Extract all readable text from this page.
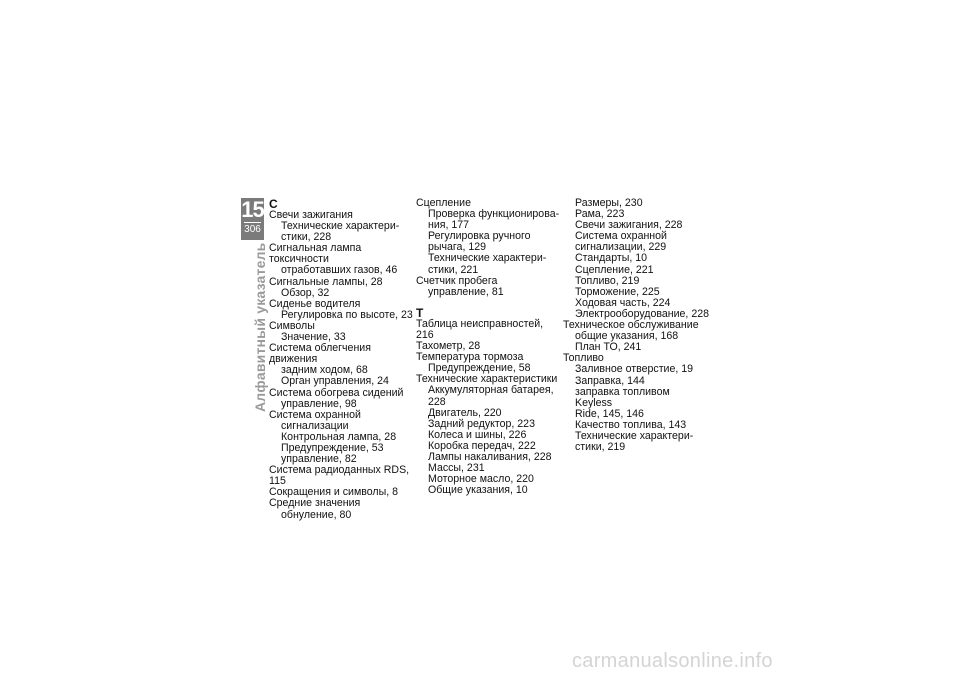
15
306
Алфавитный указатель
С
Свечи зажигания
Технические характери-
стики, 228
Сигнальная лампа токсичности
отработавших газов, 46
Сигнальные лампы, 28
Обзор, 32
Сиденье водителя
Регулировка по высоте, 23
Символы
Значение, 33
Система облегчения движения
задним ходом, 68
Орган управления, 24
Система обогрева сидений
управление, 98
Система охранной
сигнализации
Контрольная лампа, 28
Предупреждение, 53
управление, 82
Система радиоданных RDS, 115
Сокращения и символы, 8
Средние значения
обнуление, 80
Сцепление
Проверка функционирова-
ния, 177
Регулировка ручного
рычага, 129
Технические характери-
стики, 221
Счетчик пробега
управление, 81
Т
Таблица неисправностей, 216
Тахометр, 28
Температура тормоза
Предупреждение, 58
Технические характеристики
Аккумуляторная батарея, 228
Двигатель, 220
Задний редуктор, 223
Колеса и шины, 226
Коробка передач, 222
Лампы накаливания, 228
Массы, 231
Моторное масло, 220
Общие указания, 10
Размеры, 230
Рама, 223
Свечи зажигания, 228
Система охранной
сигнализации, 229
Стандарты, 10
Сцепление, 221
Топливо, 219
Торможение, 225
Ходовая часть, 224
Электрооборудование, 228
Техническое обслуживание
общие указания, 168
План ТО, 241
Топливо
Заливное отверстие, 19
Заправка, 144
заправка топливом Keyless
Ride, 145, 146
Качество топлива, 143
Технические характери-
стики, 219
carmanualsonline.info
